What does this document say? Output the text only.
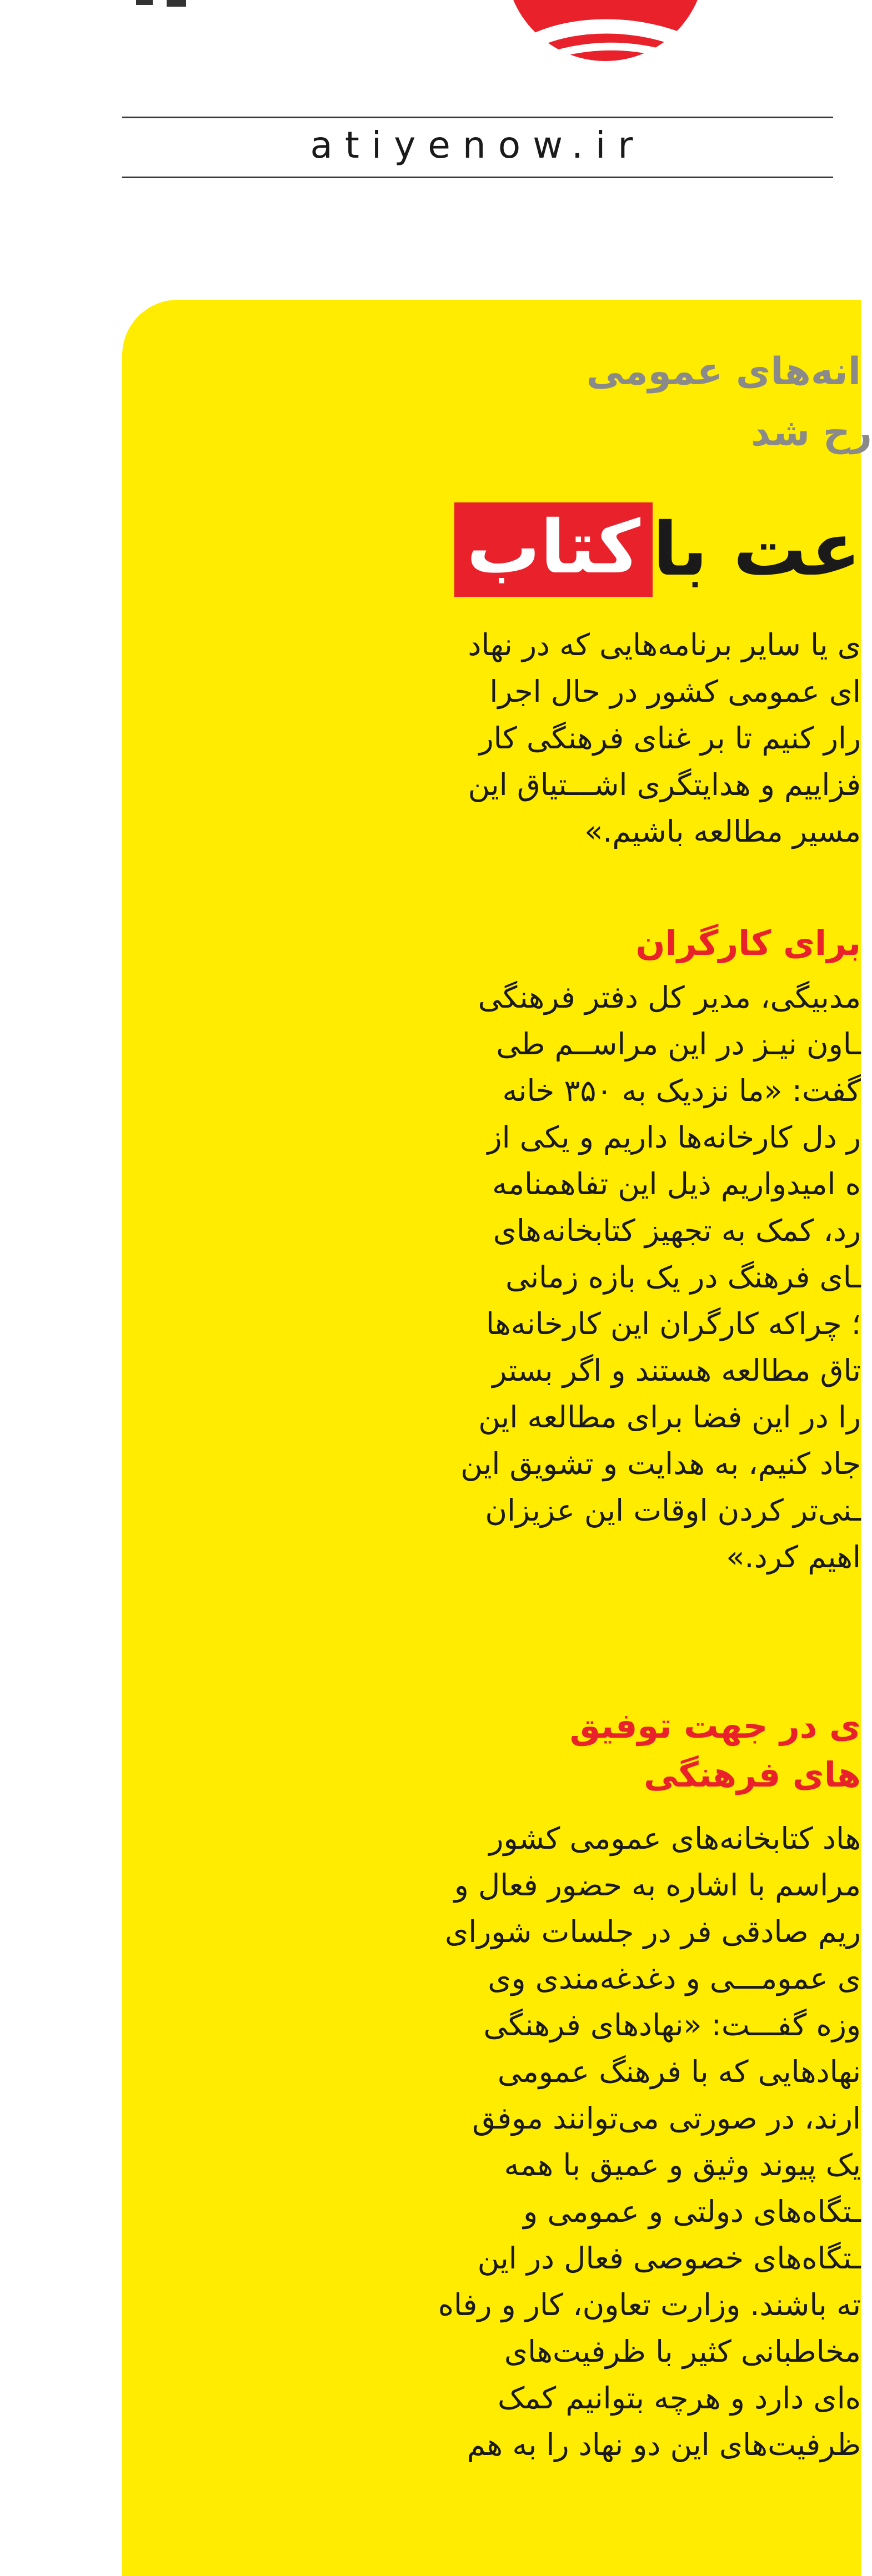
atiyenow.ir
انه‌های عمومی
رح شد
عت با
کتاب
ی یا سایر برنامه‌هایی که در نهاد
ای عمومی کشور در حال اجرا
رار کنیم تا بر غنای فرهنگی کار
فزاییم و هدایتگری اشـــتیاق این
مسیر مطالعه باشیم.»
برای کارگران
مدبیگی، مدیر کل دفتر فرهنگی
ـاون نیـز در این مراســم طی
گفت: «ما نزدیک به ۳۵۰ خانه
ر دل کارخانه‌ها داریم و یکی از
ه امیدواریم ذیل این تفاهمنامه
رد، کمک به تجهیز کتابخانه‌های
ـای فرهنگ در یک بازه زمانی
؛ چراکه کارگران این کارخانه‌ها
تاق مطالعه هستند و اگر بستر
را در این فضا برای مطالعه این
جاد کنیم، به هدایت و تشویق این
ـنی‌تر کردن اوقات این عزیزان
اهیم کرد.»
ی در جهت توفیق
های فرهنگی
هاد کتابخانه‌های عمومی کشور
مراسم با اشاره به حضور فعال و
ریم صادقی فر در جلسات شورای
ی عمومـــی و دغدغه‌مندی وی
وزه گفـــت: «نهادهای فرهنگی
نهادهایی که با فرهنگ عمومی
ارند، در صورتی می‌توانند موفق
یک پیوند وثیق و عمیق با همه
ـتگاه‌های دولتی و عمومی و
ـتگاه‌های خصوصی فعال در این
ته باشند. وزارت تعاون، کار و رفاه
مخاطبانی کثیر با ظرفیت‌های
ه‌ای دارد و هرچه بتوانیم کمک
ظرفیت‌های این دو نهاد را به هم
